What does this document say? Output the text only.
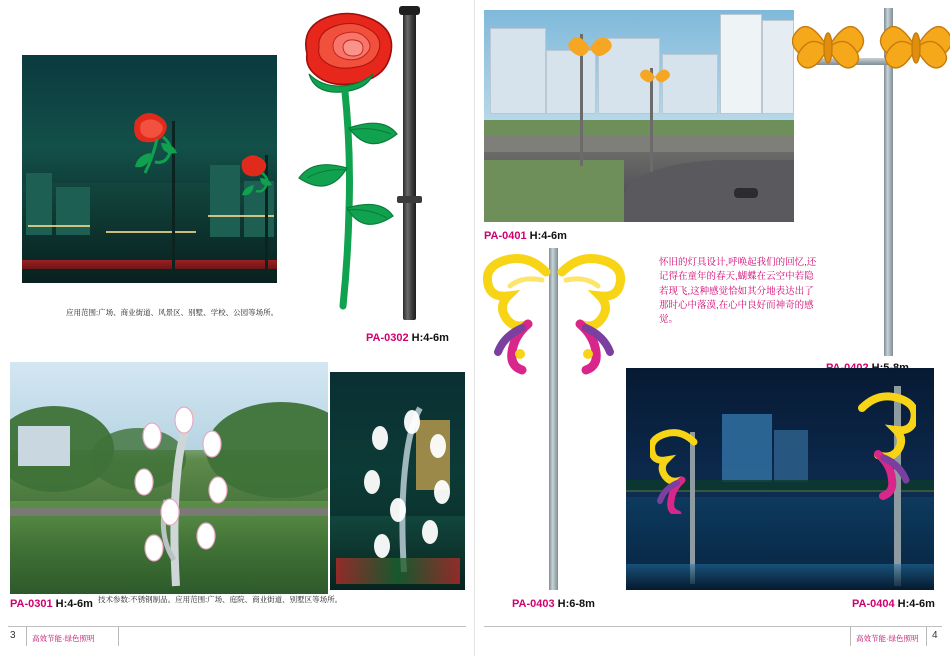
应用范围:广场、商业街道、风景区、别墅、学校、公园等场所。
PA-0302 H:4-6m
PA-0301 H:4-6m 技术参数:不锈钢制品。应用范围:广场、庭院、商业街道、别墅区等场所。
3 高效节能·绿色照明
PA-0401 H:4-6m
怀旧的灯具设计,呼唤起我们的回忆,还记得在童年的春天,蝴蝶在云空中若隐若现飞,这种感觉恰如其分地表达出了那时心中落漠,在心中良好而神奇的感觉。
PA-0403 H:6-8m	PA-0404 H:4-6m
4
高效节能·绿色照明
